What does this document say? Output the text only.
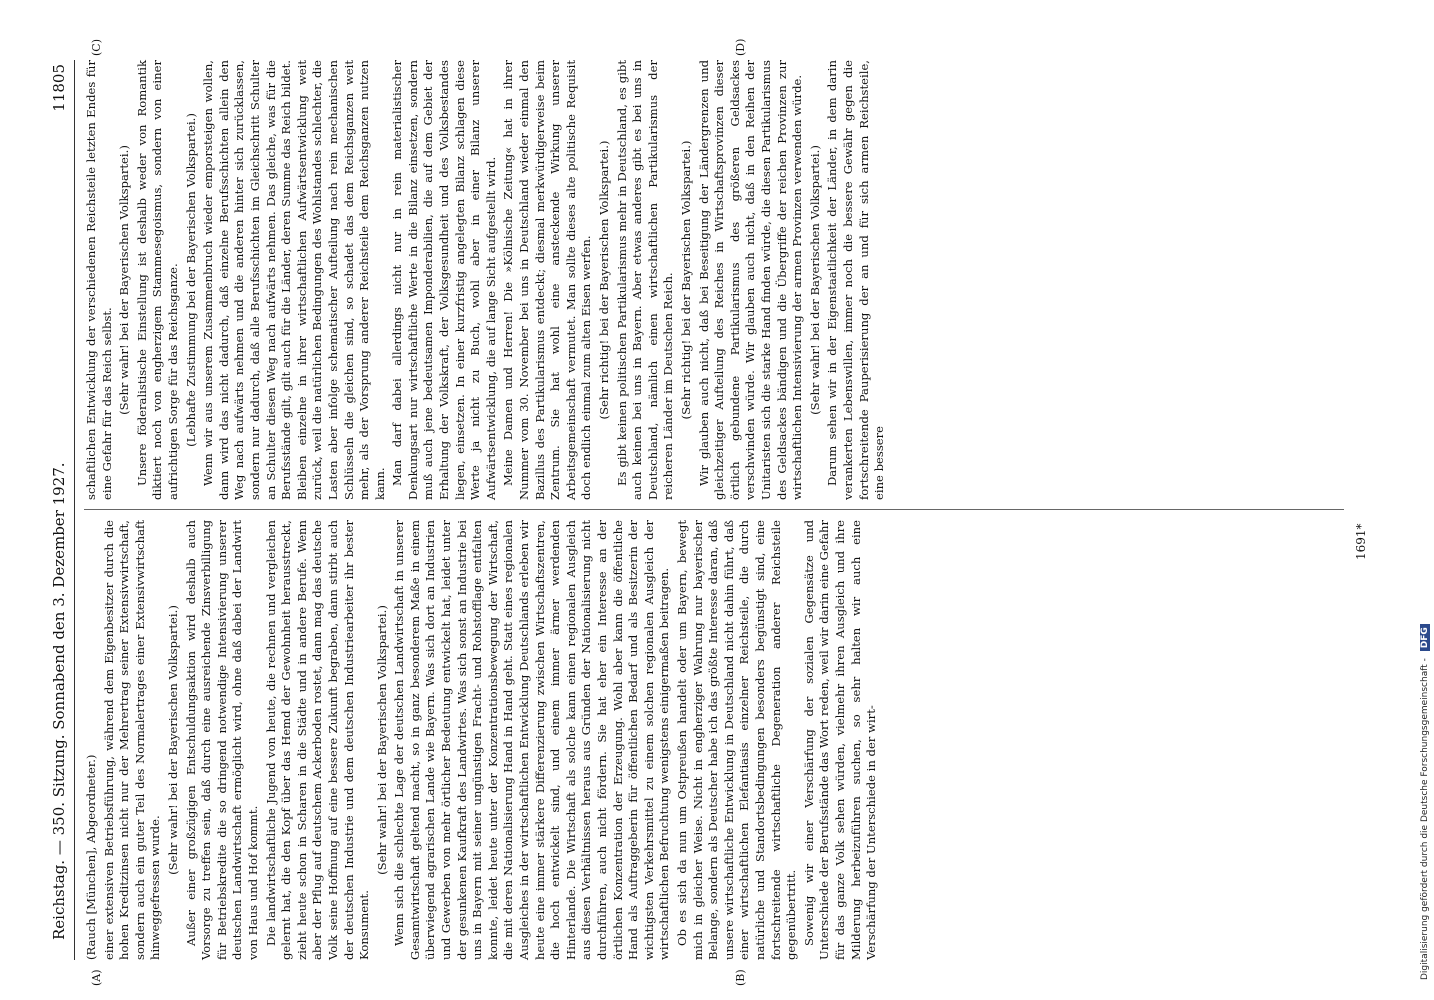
Reichstag. — 350. Sitzung. Sonnabend den 3. Dezember 1927.
11805

(Rauch [München], Abgeordneter.) einer extensiven Betriebsführung, während dem Eigenbesitzer durch die hohen Kreditzinsen nicht nur der Mehrertrag seiner Extensivwirtschaft, sondern auch ein guter Teil des Normalertrages einer Extensivwirtschaft hinweggefressen wurde.

(Sehr wahr! bei der Bayerischen Volkspartei.) Außer einer großzügigen Entschuldungsaktion wird deshalb auch Vorsorge zu treffen sein, daß durch eine ausreichende Zinsverbilligung für Betriebskredite die so dringend notwendige Intensivierung unserer deutschen Landwirtschaft ermöglicht wird, ohne daß dabei der Landwirt von Haus und Hof kommt. Die landwirtschaftliche Jugend von heute, die rechnen und vergleichen gelernt hat, die den Kopf über das Hemd der Gewohnheit herausstreckt, zieht heute schon in Scharen in die Städte und in andere Berufe. Wenn aber der Pflug auf deutschem Ackerboden rostet, dann mag das deutsche Volk seine Hoffnung auf eine bessere Zukunft begraben, dann stirbt auch der deutschen Industrie und dem deutschen Industriearbeiter ihr bester Konsument.

(Sehr wahr! bei der Bayerischen Volkspartei.) Wenn sich die schlechte Lage der deutschen Landwirtschaft in unserer Gesamtwirtschaft geltend macht, so in ganz besonderem Maße in einem überwiegend agrarischen Lande wie Bayern. Was sich dort an Industrien und Gewerben von mehr örtlicher Bedeutung entwickelt hat, leidet unter der gesunkenen Kaufkraft des Landwirtes. Was sich sonst an Industrie bei uns in Bayern mit seiner ungünstigen Fracht- und Rohstofflage entfalten konnte, leidet heute unter der Konzentrationsbewegung der Wirtschaft, die mit deren Nationalisierung Hand in Hand geht. Statt eines regionalen Ausgleiches in der wirtschaftlichen Entwicklung Deutschlands erleben wir heute eine immer stärkere Differenzierung zwischen Wirtschaftszentren, die hoch entwickelt sind, und einem immer ärmer werdenden Hinterlande. Die Wirtschaft als solche kann einen regionalen Ausgleich aus diesen Verhältnissen heraus aus Gründen der Nationalisierung nicht durchführen, auch nicht fördern. Sie hat eher ein Interesse an der örtlichen Konzentration der Erzeugung. Wohl aber kann die öffentliche Hand als Auftraggeberin für öffentlichen Bedarf und als Besitzerin der wichtigsten Verkehrsmittel zu einem solchen regionalen Ausgleich der wirtschaftlichen Befruchtung wenigstens einigermaßen beitragen. Ob es sich da nun um Ostpreußen handelt oder um Bayern, bewegt mich in gleicher Weise. Nicht in engherziger Wahrung nur bayerischer Belange, sondern als Deutscher habe ich das größte Interesse daran, daß unsere wirtschaftliche Entwicklung in Deutschland nicht dahin führt, daß einer wirtschaftlichen Elefantiasis einzelner Reichsteile, die durch natürliche und Standortsbedingungen besonders begünstigt sind, eine fortschreitende wirtschaftliche Degeneration anderer Reichsteile gegenübertritt. Sowenig wir einer Verschärfung der sozialen Gegensätze und Unterschiede der Berufsstände das Wort reden, weil wir darin eine Gefahr für das ganze Volk sehen würden, vielmehr ihren Ausgleich und ihre Milderung herbeizuführen suchen, so sehr halten wir auch eine Verschärfung der Unterschiede in der wirt-

schaftlichen Entwicklung der verschiedenen Reichsteile letzten Endes für eine Gefahr für das Reich selbst. (Sehr wahr! bei der Bayerischen Volkspartei.) Unsere föderalistische Einstellung ist deshalb weder von Romantik diktiert noch von engherzigem Stammesegoismus, sondern von einer aufrichtigen Sorge für das Reichsganze. (Lebhafte Zustimmung bei der Bayerischen Volkspartei.) Wenn wir aus unserem Zusammenbruch wieder emporsteigen wollen, dann wird das nicht dadurch, daß einzelne Berufsschichten allein den Weg nach aufwärts nehmen und die anderen hinter sich zurücklassen, sondern nur dadurch, daß alle Berufsschichten im Gleichschritt Schulter an Schulter diesen Weg nach aufwärts nehmen. Das gleiche, was für die Berufsstände gilt, gilt auch für die Länder, deren Summe das Reich bildet. Bleiben einzelne in ihrer wirtschaftlichen Aufwärtsentwicklung weit zurück, weil die natürlichen Bedingungen des Wohlstandes schlechter, die Lasten aber infolge schematischer Aufteilung nach rein mechanischen Schlüsseln die gleichen sind, so schadet das dem Reichsganzen weit mehr, als der Vorsprung anderer Reichsteile dem Reichsganzen nutzen kann. Man darf dabei allerdings nicht nur in rein materialistischer Denkungsart nur wirtschaftliche Werte in die Bilanz einsetzen, sondern muß auch jene bedeutsamen Imponderabilien, die auf dem Gebiet der Erhaltung der Volkskraft, der Volksgesundheit und des Volksbestandes liegen, einsetzen. In einer kurzfristig angelegten Bilanz schlagen diese Werte ja nicht zu Buch, wohl aber in einer Bilanz unserer Aufwärtsentwicklung, die auf lange Sicht aufgestellt wird. Meine Damen und Herren! Die »Kölnische Zeitung« hat in ihrer Nummer vom 30. November bei uns in Deutschland wieder einmal den Bazillus des Partikularismus entdeckt; diesmal merkwürdigerweise beim Zentrum. Sie hat wohl eine ansteckende Wirkung unserer Arbeitsgemeinschaft vermutet. Man sollte dieses alte politische Requisit doch endlich einmal zum alten Eisen werfen. (Sehr richtig! bei der Bayerischen Volkspartei.) Es gibt keinen politischen Partikularismus mehr in Deutschland, es gibt auch keinen bei uns in Bayern. Aber etwas anderes gibt es bei uns in Deutschland, nämlich einen wirtschaftlichen Partikularismus der reicheren Länder im Deutschen Reich. (Sehr richtig! bei der Bayerischen Volkspartei.) Wir glauben auch nicht, daß bei Beseitigung der Ländergrenzen und gleichzeitiger Aufteilung des Reiches in Wirtschaftsprovinzen dieser örtlich gebundene Partikularismus des größeren Geldsackes verschwinden würde. Wir glauben auch nicht, daß in den Reihen der Unitaristen sich die starke Hand finden würde, die diesen Partikularismus des Geldsackes bändigen und die Übergriffe der reichen Provinzen zur wirtschaftlichen Intensivierung der armen Provinzen verwenden würde. (Sehr wahr! bei der Bayerischen Volkspartei.) Darum sehen wir in der Eigenstaatlichkeit der Länder, in dem darin verankerten Lebenswillen, immer noch die bessere Gewähr gegen die fortschreitende Pauperisierung der an und für sich armen Reichsteile, eine bessere

(A)	(B)
(C)	(D)
1691*
Digitalisierung gefördert durch die Deutsche Forschungsgemeinschaft - DFG
